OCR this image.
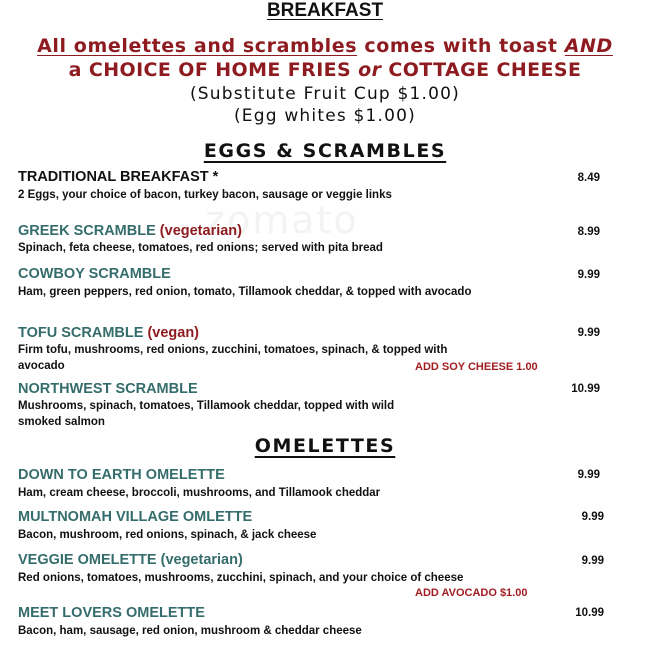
BREAKFAST
All omelettes and scrambles comes with toast AND
a CHOICE OF HOME FRIES or COTTAGE CHEESE
(Substitute Fruit Cup $1.00)
(Egg whites $1.00)
EGGS & SCRAMBLES
TRADITIONAL BREAKFAST *
2 Eggs, your choice of bacon, turkey bacon, sausage or veggie links
8.49
GREEK SCRAMBLE (vegetarian)
Spinach, feta cheese, tomatoes, red onions; served with pita bread
8.99
COWBOY SCRAMBLE
Ham, green peppers, red onion, tomato, Tillamook cheddar, & topped with avocado
9.99
TOFU SCRAMBLE (vegan)
Firm tofu, mushrooms, red onions, zucchini, tomatoes, spinach, & topped with
avocado	ADD SOY CHEESE 1.00
9.99
NORTHWEST SCRAMBLE
Mushrooms, spinach, tomatoes, Tillamook cheddar, topped with wild
smoked salmon
10.99
OMELETTES
DOWN TO EARTH OMELETTE
Ham, cream cheese, broccoli, mushrooms, and Tillamook cheddar
9.99
MULTNOMAH VILLAGE OMLETTE
Bacon, mushroom, red onions, spinach, & jack cheese
9.99
VEGGIE OMELETTE (vegetarian)
Red onions, tomatoes, mushrooms, zucchini, spinach, and your choice of cheese
ADD AVOCADO $1.00
9.99
MEET LOVERS OMELETTE
Bacon, ham, sausage, red onion, mushroom & cheddar cheese
10.99
